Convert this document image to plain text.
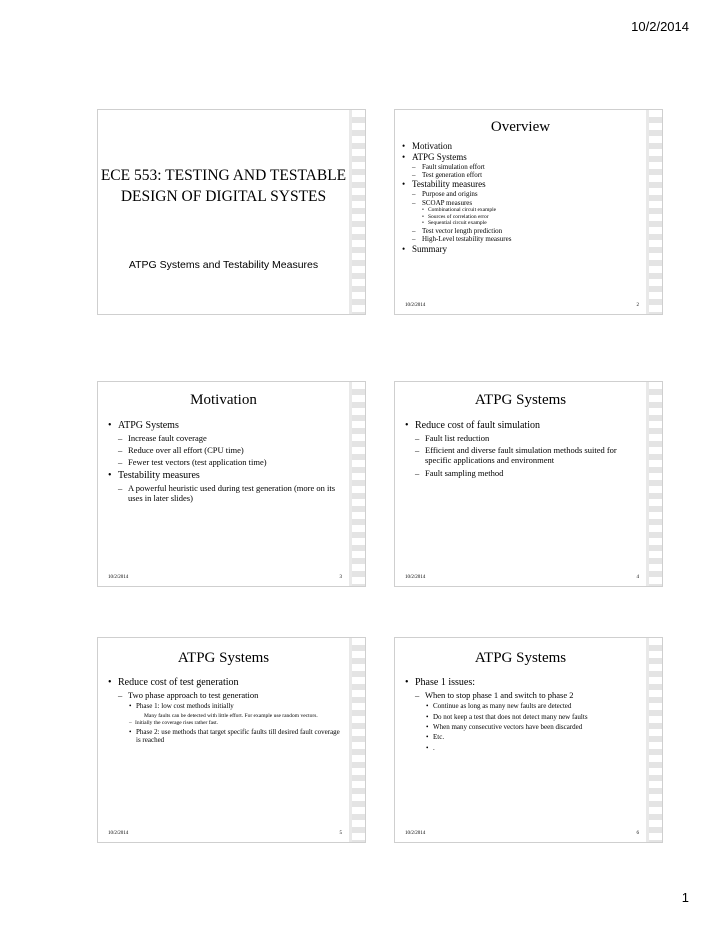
10/2/2014
ECE 553: TESTING AND TESTABLE DESIGN OF DIGITAL SYSTES
ATPG Systems and Testability Measures
Overview
• Motivation
• ATPG Systems
– Fault simulation effort
– Test generation effort
• Testability measures
– Purpose and origins
– SCOAP measures
• Combinational circuit example
• Sources of correlation error
• Sequential circuit example
– Test vector length prediction
– High-Level testability measures
• Summary
10/2/2014	2
Motivation
• ATPG Systems
– Increase fault coverage
– Reduce over all effort (CPU time)
– Fewer test vectors (test application time)
• Testability measures
– A powerful heuristic used during test generation (more on its uses in later slides)
10/2/2014	3
ATPG Systems
• Reduce cost of fault simulation
– Fault list reduction
– Efficient and diverse fault simulation methods suited for specific applications and environment
– Fault sampling method
10/2/2014	4
ATPG Systems
• Reduce cost of test generation
– Two phase approach to test generation
• Phase 1: low cost methods initially
Many faults can be detected with little effort. For example use random vectors.
– Initially the coverage rises rather fast.
• Phase 2: use methods that target specific faults till desired fault coverage is reached
10/2/2014	5
ATPG Systems
• Phase 1 issues:
– When to stop phase 1 and switch to phase 2
• Continue as long as many new faults are detected
• Do not keep a test that does not detect many new faults
• When many consecutive vectors have been discarded
• Etc.
• .
10/2/2014	6
1
